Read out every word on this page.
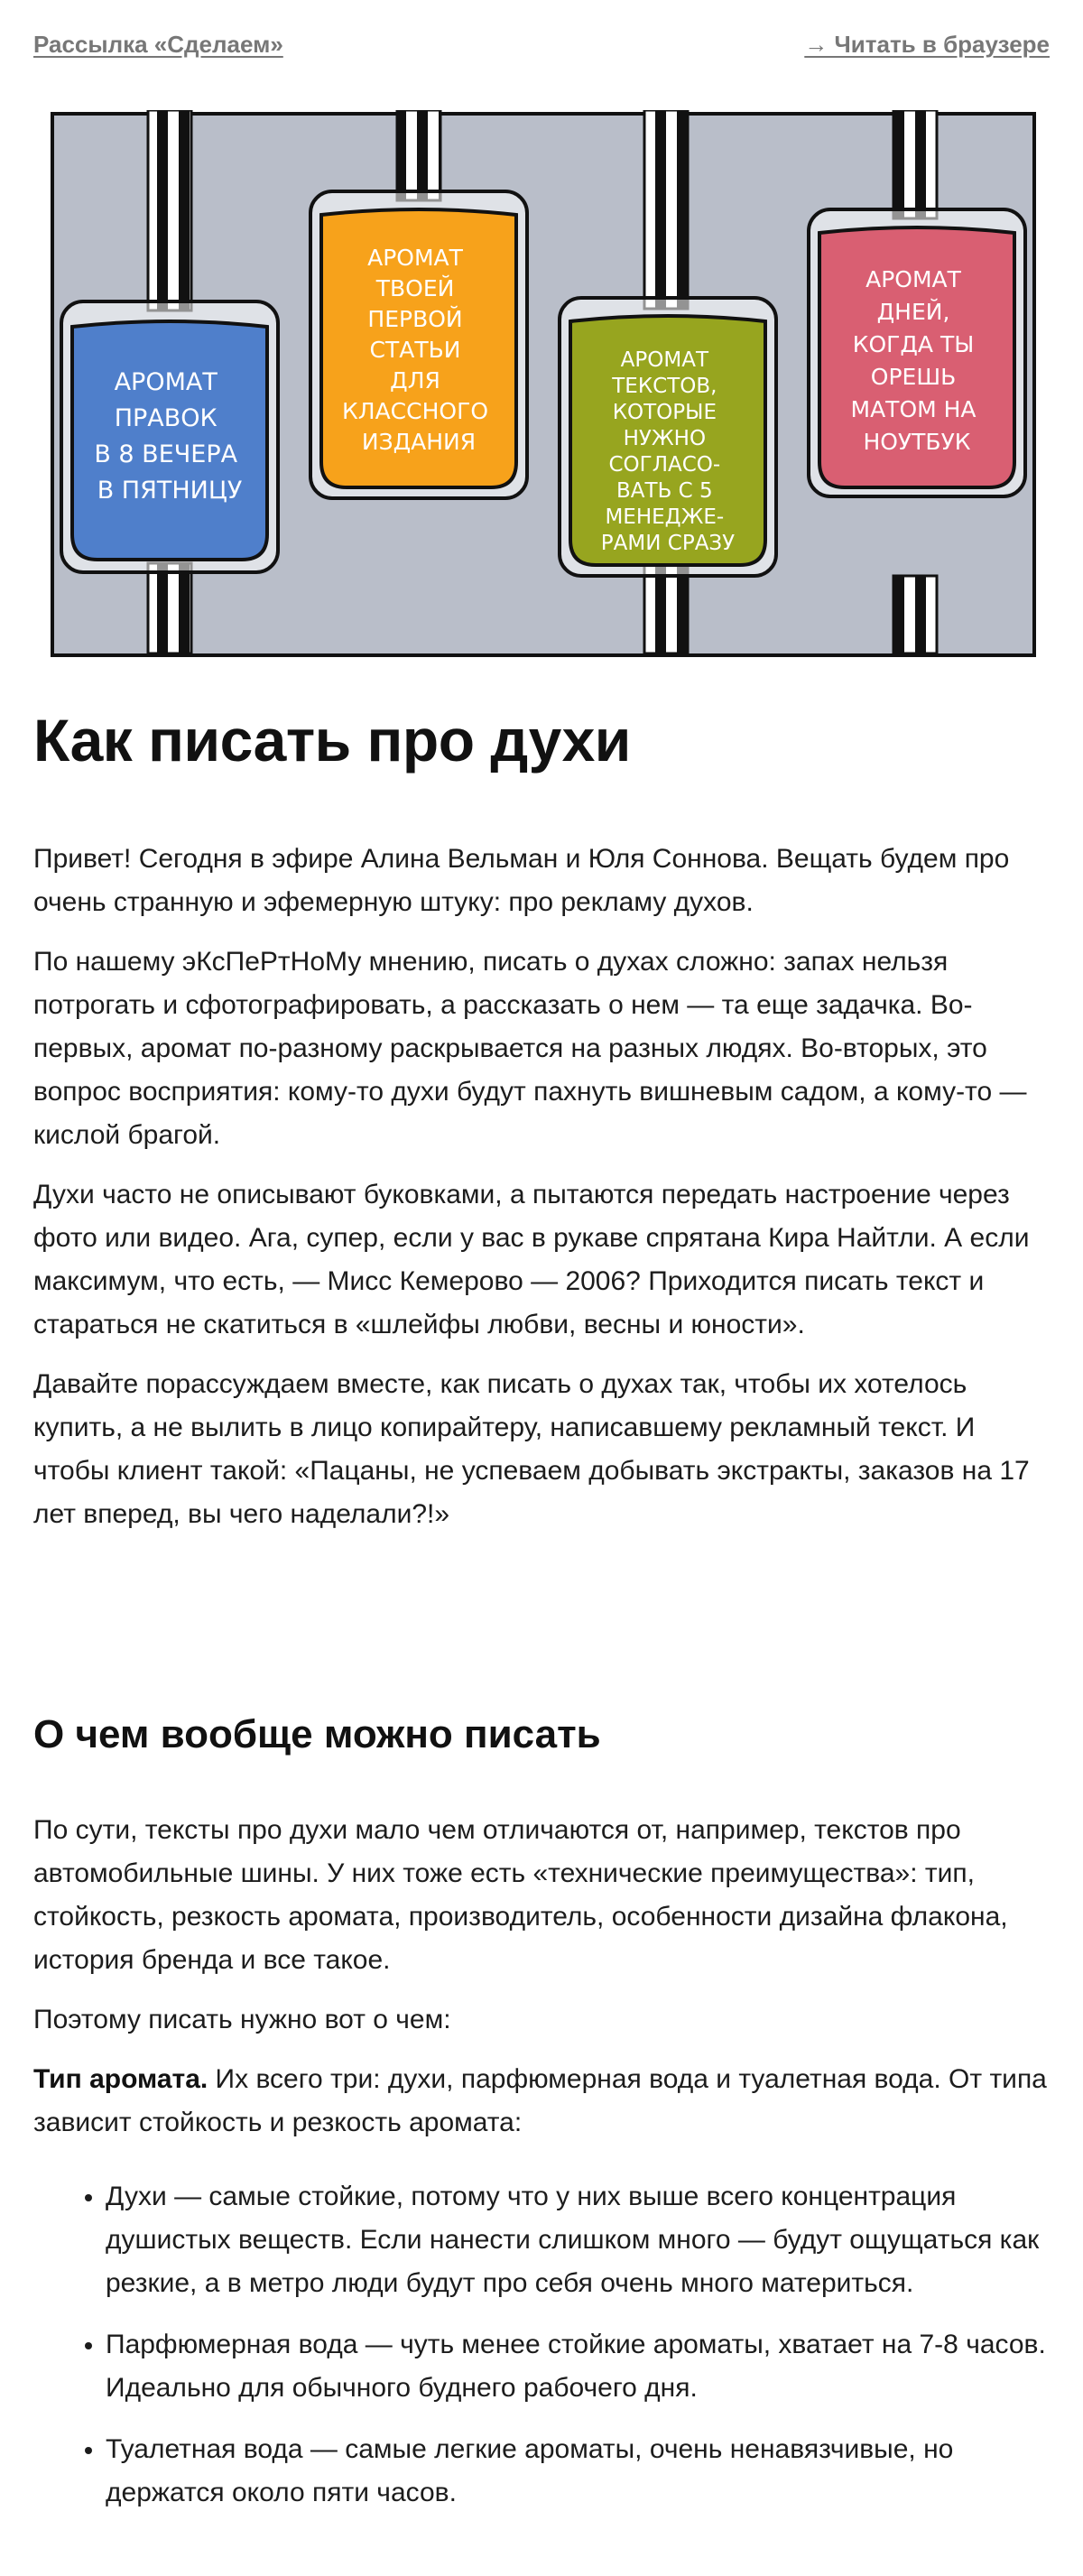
Рассылка «Сделаем»	→ Читать в браузере
АРОМАТ ПРАВОК В 8 ВЕЧЕРА В ПЯТНИЦУ
АРОМАТ ТВОЕЙ ПЕРВОЙ СТАТЬИ ДЛЯ КЛАССНОГО ИЗДАНИЯ
АРОМАТ ТЕКСТОВ, КОТОРЫЕ НУЖНО СОГЛАСО- ВАТЬ С 5 МЕНЕДЖЕ- РАМИ СРАЗУ
АРОМАТ ДНЕЙ, КОГДА ТЫ ОРЕШЬ МАТОМ НА НОУТБУК
Как писать про духи

Привет! Сегодня в эфире Алина Вельман и Юля Соннова. Вещать будем про очень странную и эфемерную штуку: про рекламу духов.

По нашему эКсПеРтНоМу мнению, писать о духах сложно: запах нельзя потрогать и сфотографировать, а рассказать о нем — та еще задачка. Во-первых, аромат по-разному раскрывается на разных людях. Во-вторых, это вопрос восприятия: кому-то духи будут пахнуть вишневым садом, а кому-то — кислой брагой.

Духи часто не описывают буковками, а пытаются передать настроение через фото или видео. Ага, супер, если у вас в рукаве спрятана Кира Найтли. А если максимум, что есть, — Мисс Кемерово — 2006? Приходится писать текст и стараться не скатиться в «шлейфы любви, весны и юности».

Давайте порассуждаем вместе, как писать о духах так, чтобы их хотелось купить, а не вылить в лицо копирайтеру, написавшему рекламный текст. И чтобы клиент такой: «Пацаны, не успеваем добывать экстракты, заказов на 17 лет вперед, вы чего наделали?!»

О чем вообще можно писать

По сути, тексты про духи мало чем отличаются от, например, текстов про автомобильные шины. У них тоже есть «технические преимущества»: тип, стойкость, резкость аромата, производитель, особенности дизайна флакона, история бренда и все такое.

Поэтому писать нужно вот о чем:

Тип аромата. Их всего три: духи, парфюмерная вода и туалетная вода. От типа зависит стойкость и резкость аромата:

• Духи — самые стойкие, потому что у них выше всего концентрация душистых веществ. Если нанести слишком много — будут ощущаться как резкие, а в метро люди будут про себя очень много материться.
• Парфюмерная вода — чуть менее стойкие ароматы, хватает на 7-8 часов. Идеально для обычного буднего рабочего дня.
• Туалетная вода — самые легкие ароматы, очень ненавязчивые, но держатся около пяти часов.
